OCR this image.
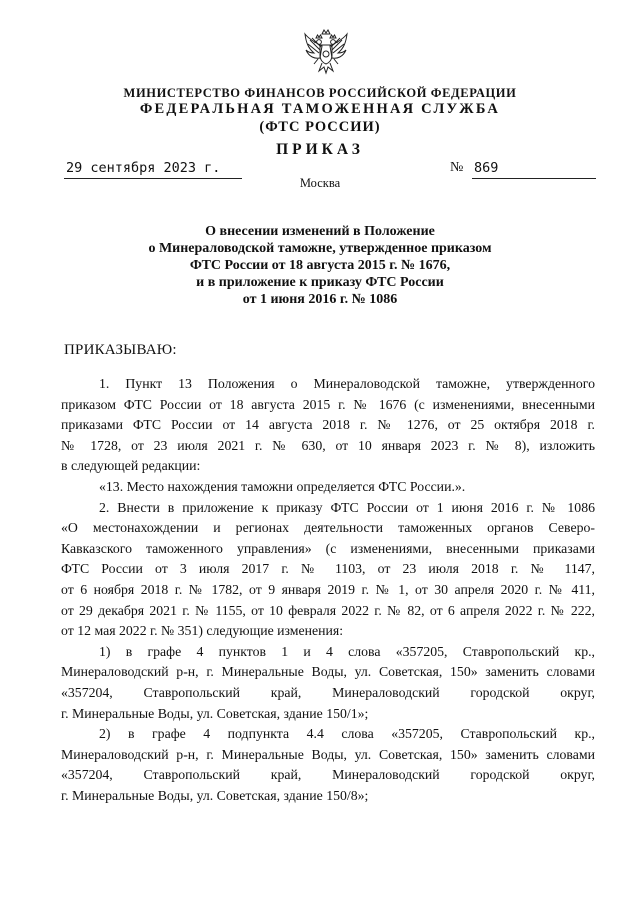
МИНИСТЕРСТВО ФИНАНСОВ РОССИЙСКОЙ ФЕДЕРАЦИИ
ФЕДЕРАЛЬНАЯ ТАМОЖЕННАЯ СЛУЖБА
(ФТС РОССИИ)
ПРИКАЗ
29 сентября 2023 г.	№ 869
Москва
О внесении изменений в Положение
о Минераловодской таможне, утвержденное приказом
ФТС России от 18 августа 2015 г. № 1676,
и в приложение к приказу ФТС России
от 1 июня 2016 г. № 1086
ПРИКАЗЫВАЮ:
1. Пункт 13 Положения о Минераловодской таможне, утвержденного
приказом ФТС России от 18 августа 2015 г. № 1676 (с изменениями, внесенными
приказами ФТС России от 14 августа 2018 г. № 1276, от 25 октября 2018 г.
№ 1728, от 23 июля 2021 г. № 630, от 10 января 2023 г. № 8), изложить
в следующей редакции:
«13. Место нахождения таможни определяется ФТС России.».
2. Внести в приложение к приказу ФТС России от 1 июня 2016 г. № 1086
«О местонахождении и регионах деятельности таможенных органов Северо-
Кавказского таможенного управления» (с изменениями, внесенными приказами
ФТС России от 3 июля 2017 г. № 1103, от 23 июля 2018 г. № 1147,
от 6 ноября 2018 г. № 1782, от 9 января 2019 г. № 1, от 30 апреля 2020 г. № 411,
от 29 декабря 2021 г. № 1155, от 10 февраля 2022 г. № 82, от 6 апреля 2022 г. № 222,
от 12 мая 2022 г. № 351) следующие изменения:
1) в графе 4 пунктов 1 и 4 слова «357205, Ставропольский кр.,
Минераловодский р-н, г. Минеральные Воды, ул. Советская, 150» заменить словами
«357204, Ставропольский край, Минераловодский городской округ,
г. Минеральные Воды, ул. Советская, здание 150/1»;
2) в графе 4 подпункта 4.4 слова «357205, Ставропольский кр.,
Минераловодский р-н, г. Минеральные Воды, ул. Советская, 150» заменить словами
«357204, Ставропольский край, Минераловодский городской округ,
г. Минеральные Воды, ул. Советская, здание 150/8»;
